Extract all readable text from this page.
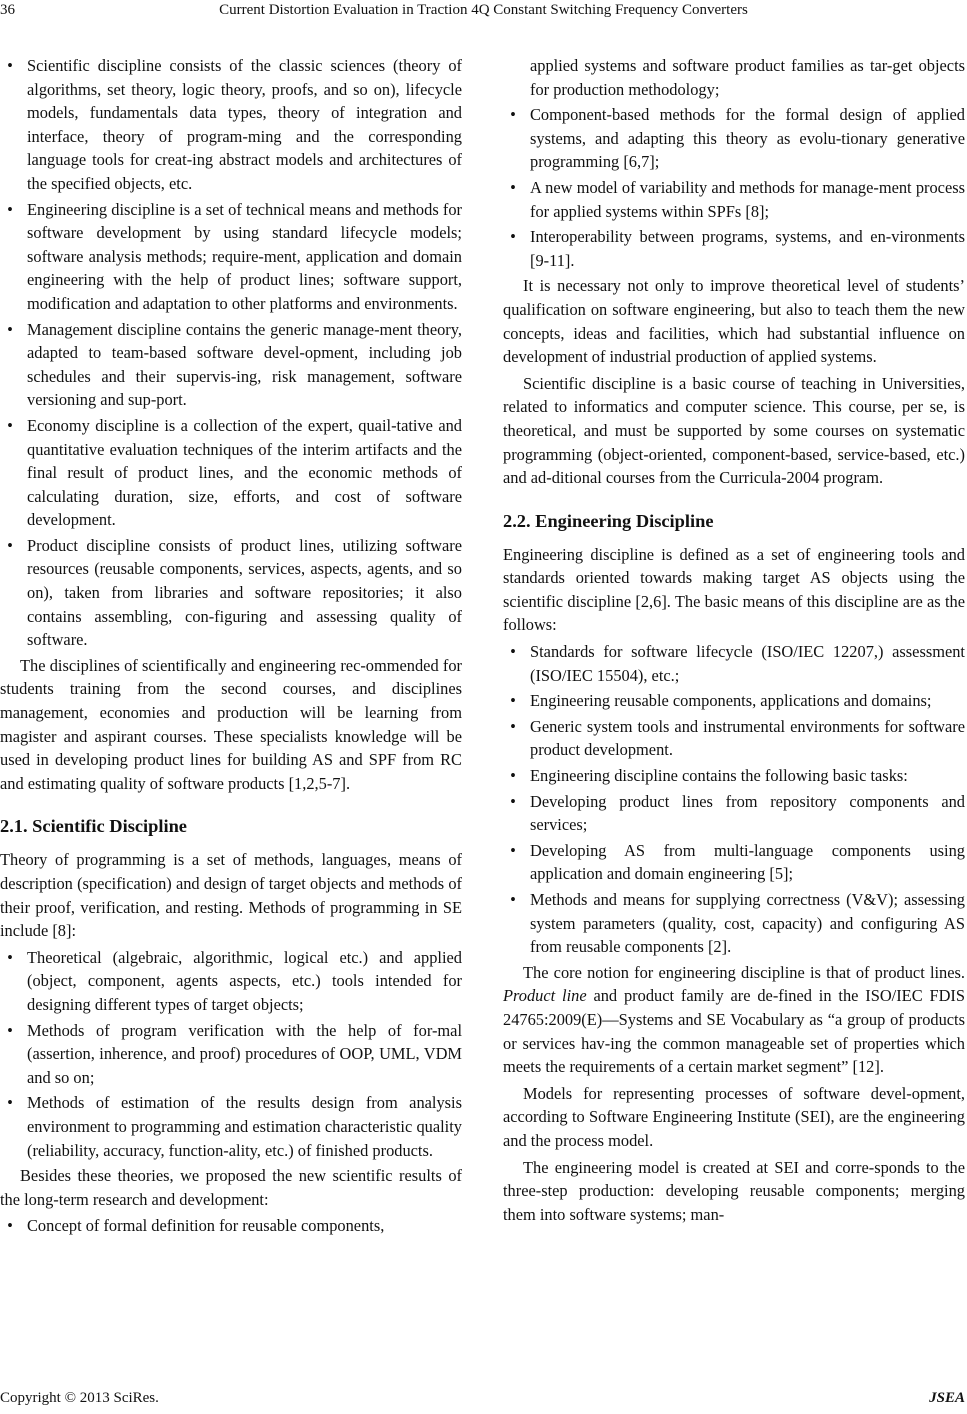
36	Current Distortion Evaluation in Traction 4Q Constant Switching Frequency Converters
• Scientific discipline consists of the classic sciences (theory of algorithms, set theory, logic theory, proofs, and so on), lifecycle models, fundamentals data types, theory of integration and interface, theory of program-ming and the corresponding language tools for creat-ing abstract models and architectures of the specified objects, etc.
• Engineering discipline is a set of technical means and methods for software development by using standard lifecycle models; software analysis methods; require-ment, application and domain engineering with the help of product lines; software support, modification and adaptation to other platforms and environments.
• Management discipline contains the generic manage-ment theory, adapted to team-based software devel-opment, including job schedules and their supervis-ing, risk management, software versioning and sup-port.
• Economy discipline is a collection of the expert, quail-tative and quantitative evaluation techniques of the interim artifacts and the final result of product lines, and the economic methods of calculating duration, size, efforts, and cost of software development.
• Product discipline consists of product lines, utilizing software resources (reusable components, services, aspects, agents, and so on), taken from libraries and software repositories; it also contains assembling, con-figuring and assessing quality of software.

The disciplines of scientifically and engineering rec-ommended for students training from the second courses, and disciplines management, economies and production will be learning from magister and aspirant courses. These specialists knowledge will be used in developing product lines for building AS and SPF from RC and estimating quality of software products [1,2,5-7].

2.1. Scientific Discipline

Theory of programming is a set of methods, languages, means of description (specification) and design of target objects and methods of their proof, verification, and resting. Methods of programming in SE include [8]:

• Theoretical (algebraic, algorithmic, logical etc.) and applied (object, component, agents aspects, etc.) tools intended for designing different types of target objects;
• Methods of program verification with the help of for-mal (assertion, inherence, and proof) procedures of OOP, UML, VDM and so on;
• Methods of estimation of the results design from analysis environment to programming and estimation characteristic quality (reliability, accuracy, function-ality, etc.) of finished products.

Besides these theories, we proposed the new scientific results of the long-term research and development:

• Concept of formal definition for reusable components,
applied systems and software product families as tar-get objects for production methodology;
• Component-based methods for the formal design of applied systems, and adapting this theory as evolu-tionary generative programming [6,7];
• A new model of variability and methods for manage-ment process for applied systems within SPFs [8];
• Interoperability between programs, systems, and en-vironments [9-11].

It is necessary not only to improve theoretical level of students’ qualification on software engineering, but also to teach them the new concepts, ideas and facilities, which had substantial influence on development of industrial production of applied systems.

Scientific discipline is a basic course of teaching in Universities, related to informatics and computer science. This course, per se, is theoretical, and must be supported by some courses on systematic programming (object-oriented, component-based, service-based, etc.) and ad-ditional courses from the Curricula-2004 program.

2.2. Engineering Discipline

Engineering discipline is defined as a set of engineering tools and standards oriented towards making target AS objects using the scientific discipline [2,6]. The basic means of this discipline are as the follows:

• Standards for software lifecycle (ISO/IEC 12207,) assessment (ISO/IEC 15504), etc.;
• Engineering reusable components, applications and domains;
• Generic system tools and instrumental environments for software product development.
• Engineering discipline contains the following basic tasks:
• Developing product lines from repository components and services;
• Developing AS from multi-language components using application and domain engineering [5];
• Methods and means for supplying correctness (V&V); assessing system parameters (quality, cost, capacity) and configuring AS from reusable components [2].

The core notion for engineering discipline is that of product lines. Product line and product family are de-fined in the ISO/IEC FDIS 24765:2009(E)—Systems and SE Vocabulary as “a group of products or services hav-ing the common manageable set of properties which meets the requirements of a certain market segment” [12].

Models for representing processes of software devel-opment, according to Software Engineering Institute (SEI), are the engineering and the process model.

The engineering model is created at SEI and corre-sponds to the three-step production: developing reusable components; merging them into software systems; man-

Copyright © 2013 SciRes.	JSEA
